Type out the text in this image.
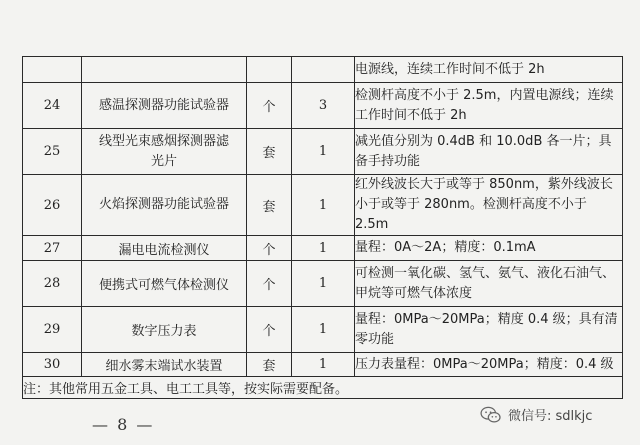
				电源线，连续工作时间不低于 2h
24	感温探测器功能试验器	个	3	检测杆高度不小于 2.5m，内置电源线；连续工作时间不低于 2h
25	线型光束感烟探测器滤光片	套	1	减光值分别为 0.4dB 和 10.0dB 各一片；具备手持功能
26	火焰探测器功能试验器	套	1	红外线波长大于或等于 850nm，紫外线波长小于或等于 280nm。检测杆高度不小于 2.5m
27	漏电电流检测仪	个	1	量程：0A～2A；精度：0.1mA
28	便携式可燃气体检测仪	个	1	可检测一氧化碳、氢气、氨气、液化石油气、甲烷等可燃气体浓度
29	数字压力表	个	1	量程：0MPa～20MPa；精度 0.4 级；具有清零功能
30	细水雾末端试水装置	套	1	压力表量程：0MPa～20MPa；精度：0.4 级
注：其他常用五金工具、电工工具等，按实际需要配备。				
— 8 —	微信号: sdlkjc
